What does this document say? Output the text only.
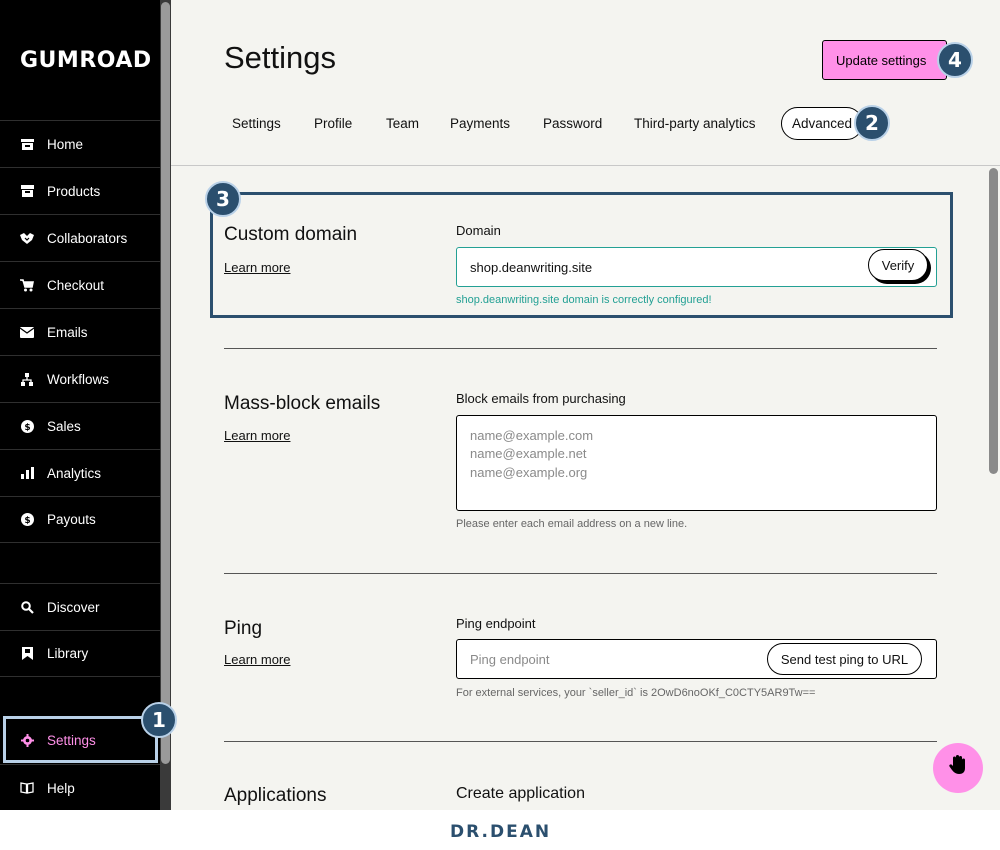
GUMROAD
Home
Products
Collaborators
Checkout
Emails
Workflows
$ Sales
Analytics
$ Payouts
Discover
Library
Settings
Help
Settings	Update settings
Settings Profile Team Payments Password Third-party analytics	Advanced
Custom domain
Learn more
Domain
shop.deanwriting.site	Verify
shop.deanwriting.site domain is correctly configured!
Mass-block emails
Learn more
Block emails from purchasing
name@example.com
name@example.net
name@example.org
Please enter each email address on a new line.
Ping
Learn more
Ping endpoint
Ping endpoint	Send test ping to URL
For external services, your `seller_id` is 2OwD6noOKf_C0CTY5AR9Tw==
Applications	Create application
1
2
3
4
DR.DEAN
